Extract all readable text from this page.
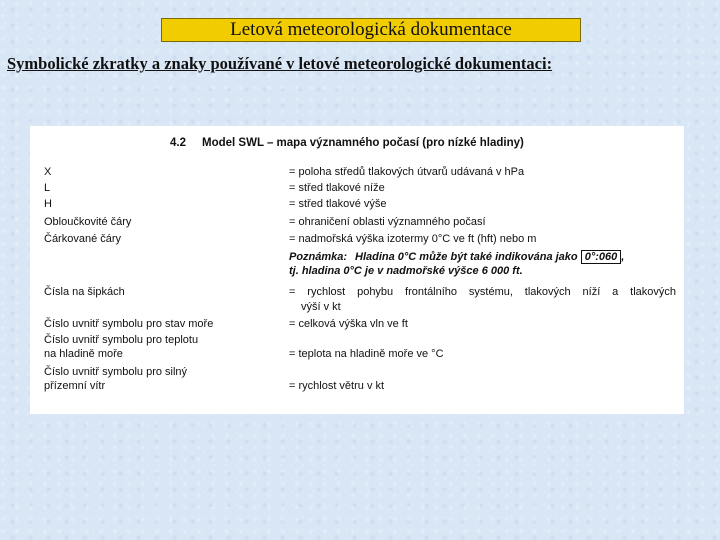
Letová meteorologická dokumentace
Symbolické zkratky a znaky používané v letové meteorologické dokumentaci:
4.2 Model SWL – mapa významného počasí (pro nízké hladiny)
X	= poloha středů tlakových útvarů udávaná v hPa
L	= střed tlakové níže
H	= střed tlakové výše
Obloučkovité čáry	= ohraničení oblasti významného počasí
Čárkované čáry	= nadmořská výška izotermy 0°C ve ft (hft) nebo m
Poznámka: Hladina 0°C může být také indikována jako 0°:060 ,
tj. hladina 0°C je v nadmořské výšce 6 000 ft.
Čísla na šipkách	= rychlost pohybu frontálního systému, tlakových níží a tlakových
výší v kt
Číslo uvnitř symbolu pro stav moře	= celková výška vln ve ft
Číslo uvnitř symbolu pro teplotu
na hladině moře	= teplota na hladině moře ve °C
Číslo uvnitř symbolu pro silný
přízemní vítr	= rychlost větru v kt
